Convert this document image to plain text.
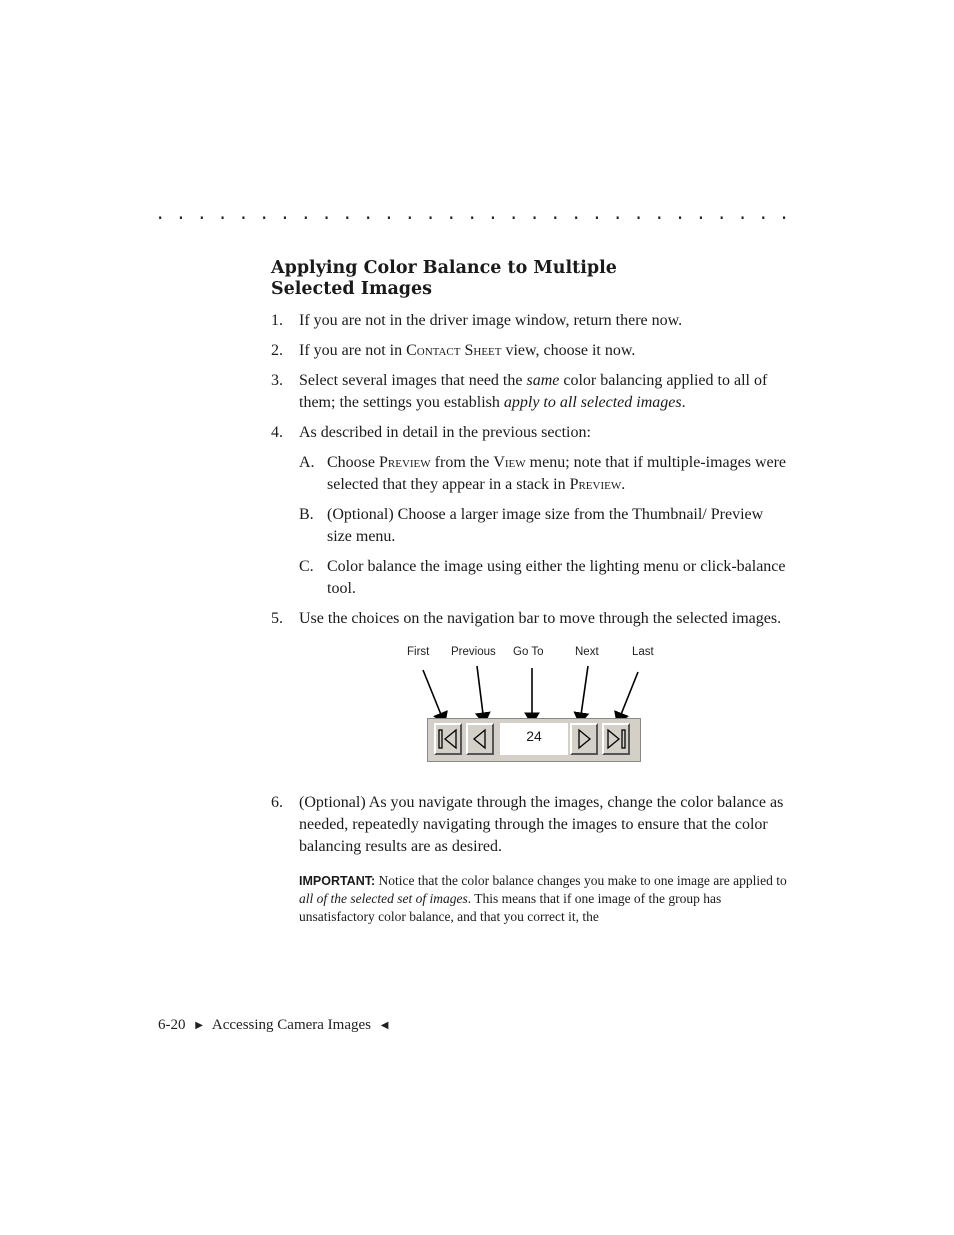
. . . . . . . . . . . . . . . . . . . . . . . . . . . . . . .
Applying Color Balance to Multiple Selected Images
1. If you are not in the driver image window, return there now.
2. If you are not in Contact Sheet view, choose it now.
3. Select several images that need the same color balancing applied to all of them; the settings you establish apply to all selected images.
4. As described in detail in the previous section:
A. Choose Preview from the View menu; note that if multiple-images were selected that they appear in a stack in Preview.
B. (Optional) Choose a larger image size from the Thumbnail/ Preview size menu.
C. Color balance the image using either the lighting menu or click-balance tool.
5. Use the choices on the navigation bar to move through the selected images.
First Previous Go To	Next	Last
24
6. (Optional) As you navigate through the images, change the color balance as needed, repeatedly navigating through the images to ensure that the color balancing results are as desired.
IMPORTANT: Notice that the color balance changes you make to one image are applied to all of the selected set of images. This means that if one image of the group has unsatisfactory color balance, and that you correct it, the
6-20 ▶ Accessing Camera Images ◀
